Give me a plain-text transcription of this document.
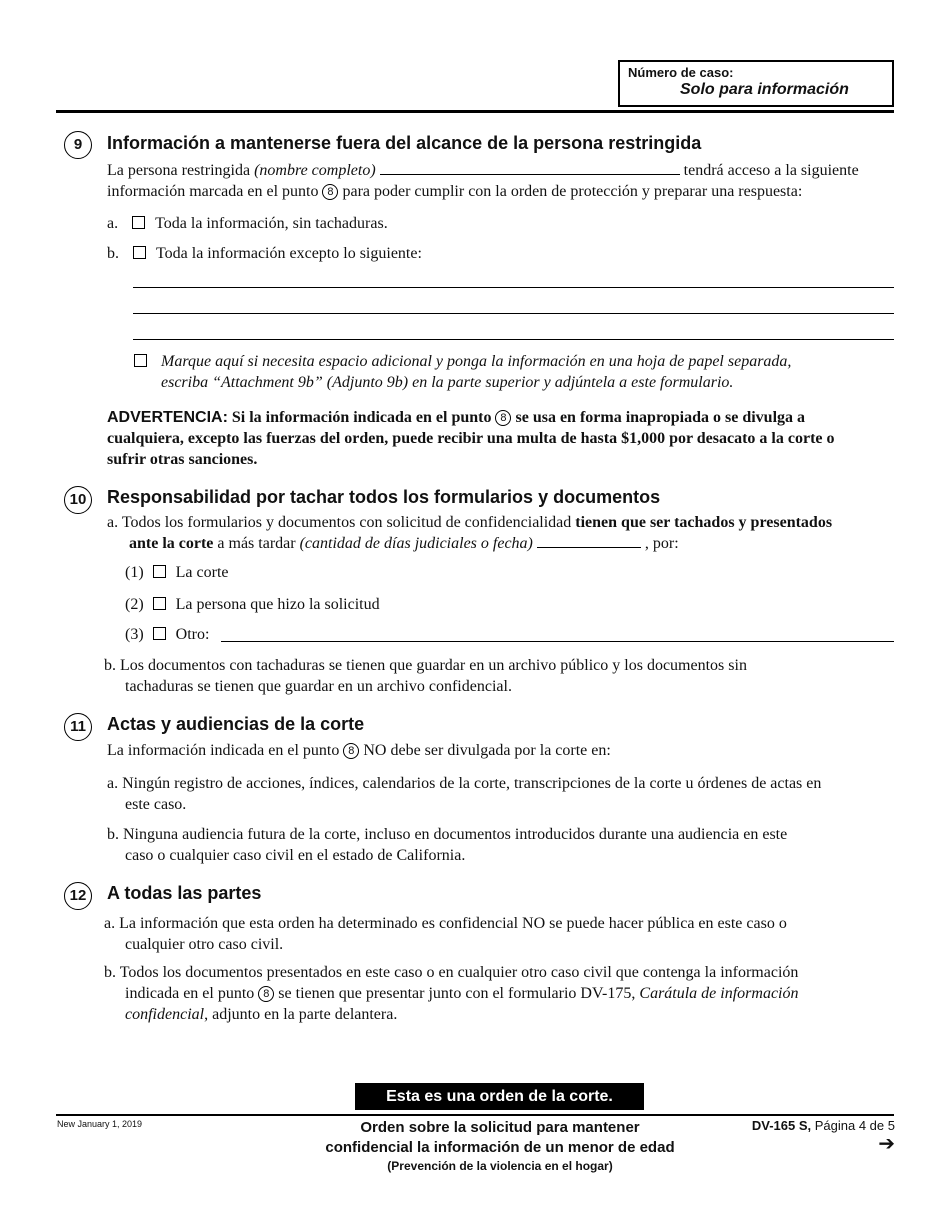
Número de caso:
Solo para información
9	Información a mantenerse fuera del alcance de la persona restringida
La persona restringida (nombre completo)	tendrá acceso a la siguiente
información marcada en el punto 8 para poder cumplir con la orden de protección y preparar una respuesta:
a. Toda la información, sin tachaduras.
b. Toda la información excepto lo siguiente:
Marque aquí si necesita espacio adicional y ponga la información en una hoja de papel separada,
escriba “Attachment 9b” (Adjunto 9b) en la parte superior y adjúntela a este formulario.
ADVERTENCIA: Si la información indicada en el punto 8 se usa en forma inapropiada o se divulga a
cualquiera, excepto las fuerzas del orden, puede recibir una multa de hasta $1,000 por desacato a la corte o
sufrir otras sanciones.
10	Responsabilidad por tachar todos los formularios y documentos
a. Todos los formularios y documentos con solicitud de confidencialidad tienen que ser tachados y presentados
ante la corte a más tardar (cantidad de días judiciales o fecha)	, por:
(1) La corte
(2) La persona que hizo la solicitud
(3) Otro:
b. Los documentos con tachaduras se tienen que guardar en un archivo público y los documentos sin
tachaduras se tienen que guardar en un archivo confidencial.
11	Actas y audiencias de la corte
La información indicada en el punto 8 NO debe ser divulgada por la corte en:
a. Ningún registro de acciones, índices, calendarios de la corte, transcripciones de la corte u órdenes de actas en
este caso.
b. Ninguna audiencia futura de la corte, incluso en documentos introducidos durante una audiencia en este
caso o cualquier caso civil en el estado de California.
12	A todas las partes
a. La información que esta orden ha determinado es confidencial NO se puede hacer pública en este caso o
cualquier otro caso civil.
b. Todos los documentos presentados en este caso o en cualquier otro caso civil que contenga la información
indicada en el punto 8 se tienen que presentar junto con el formulario DV-175, Carátula de información
confidencial, adjunto en la parte delantera.
Esta es una orden de la corte.
New January 1, 2019	Orden sobre la solicitud para mantener
confidencial la información de un menor de edad
(Prevención de la violencia en el hogar)
DV-165 S, Página 4 de 5
➔
